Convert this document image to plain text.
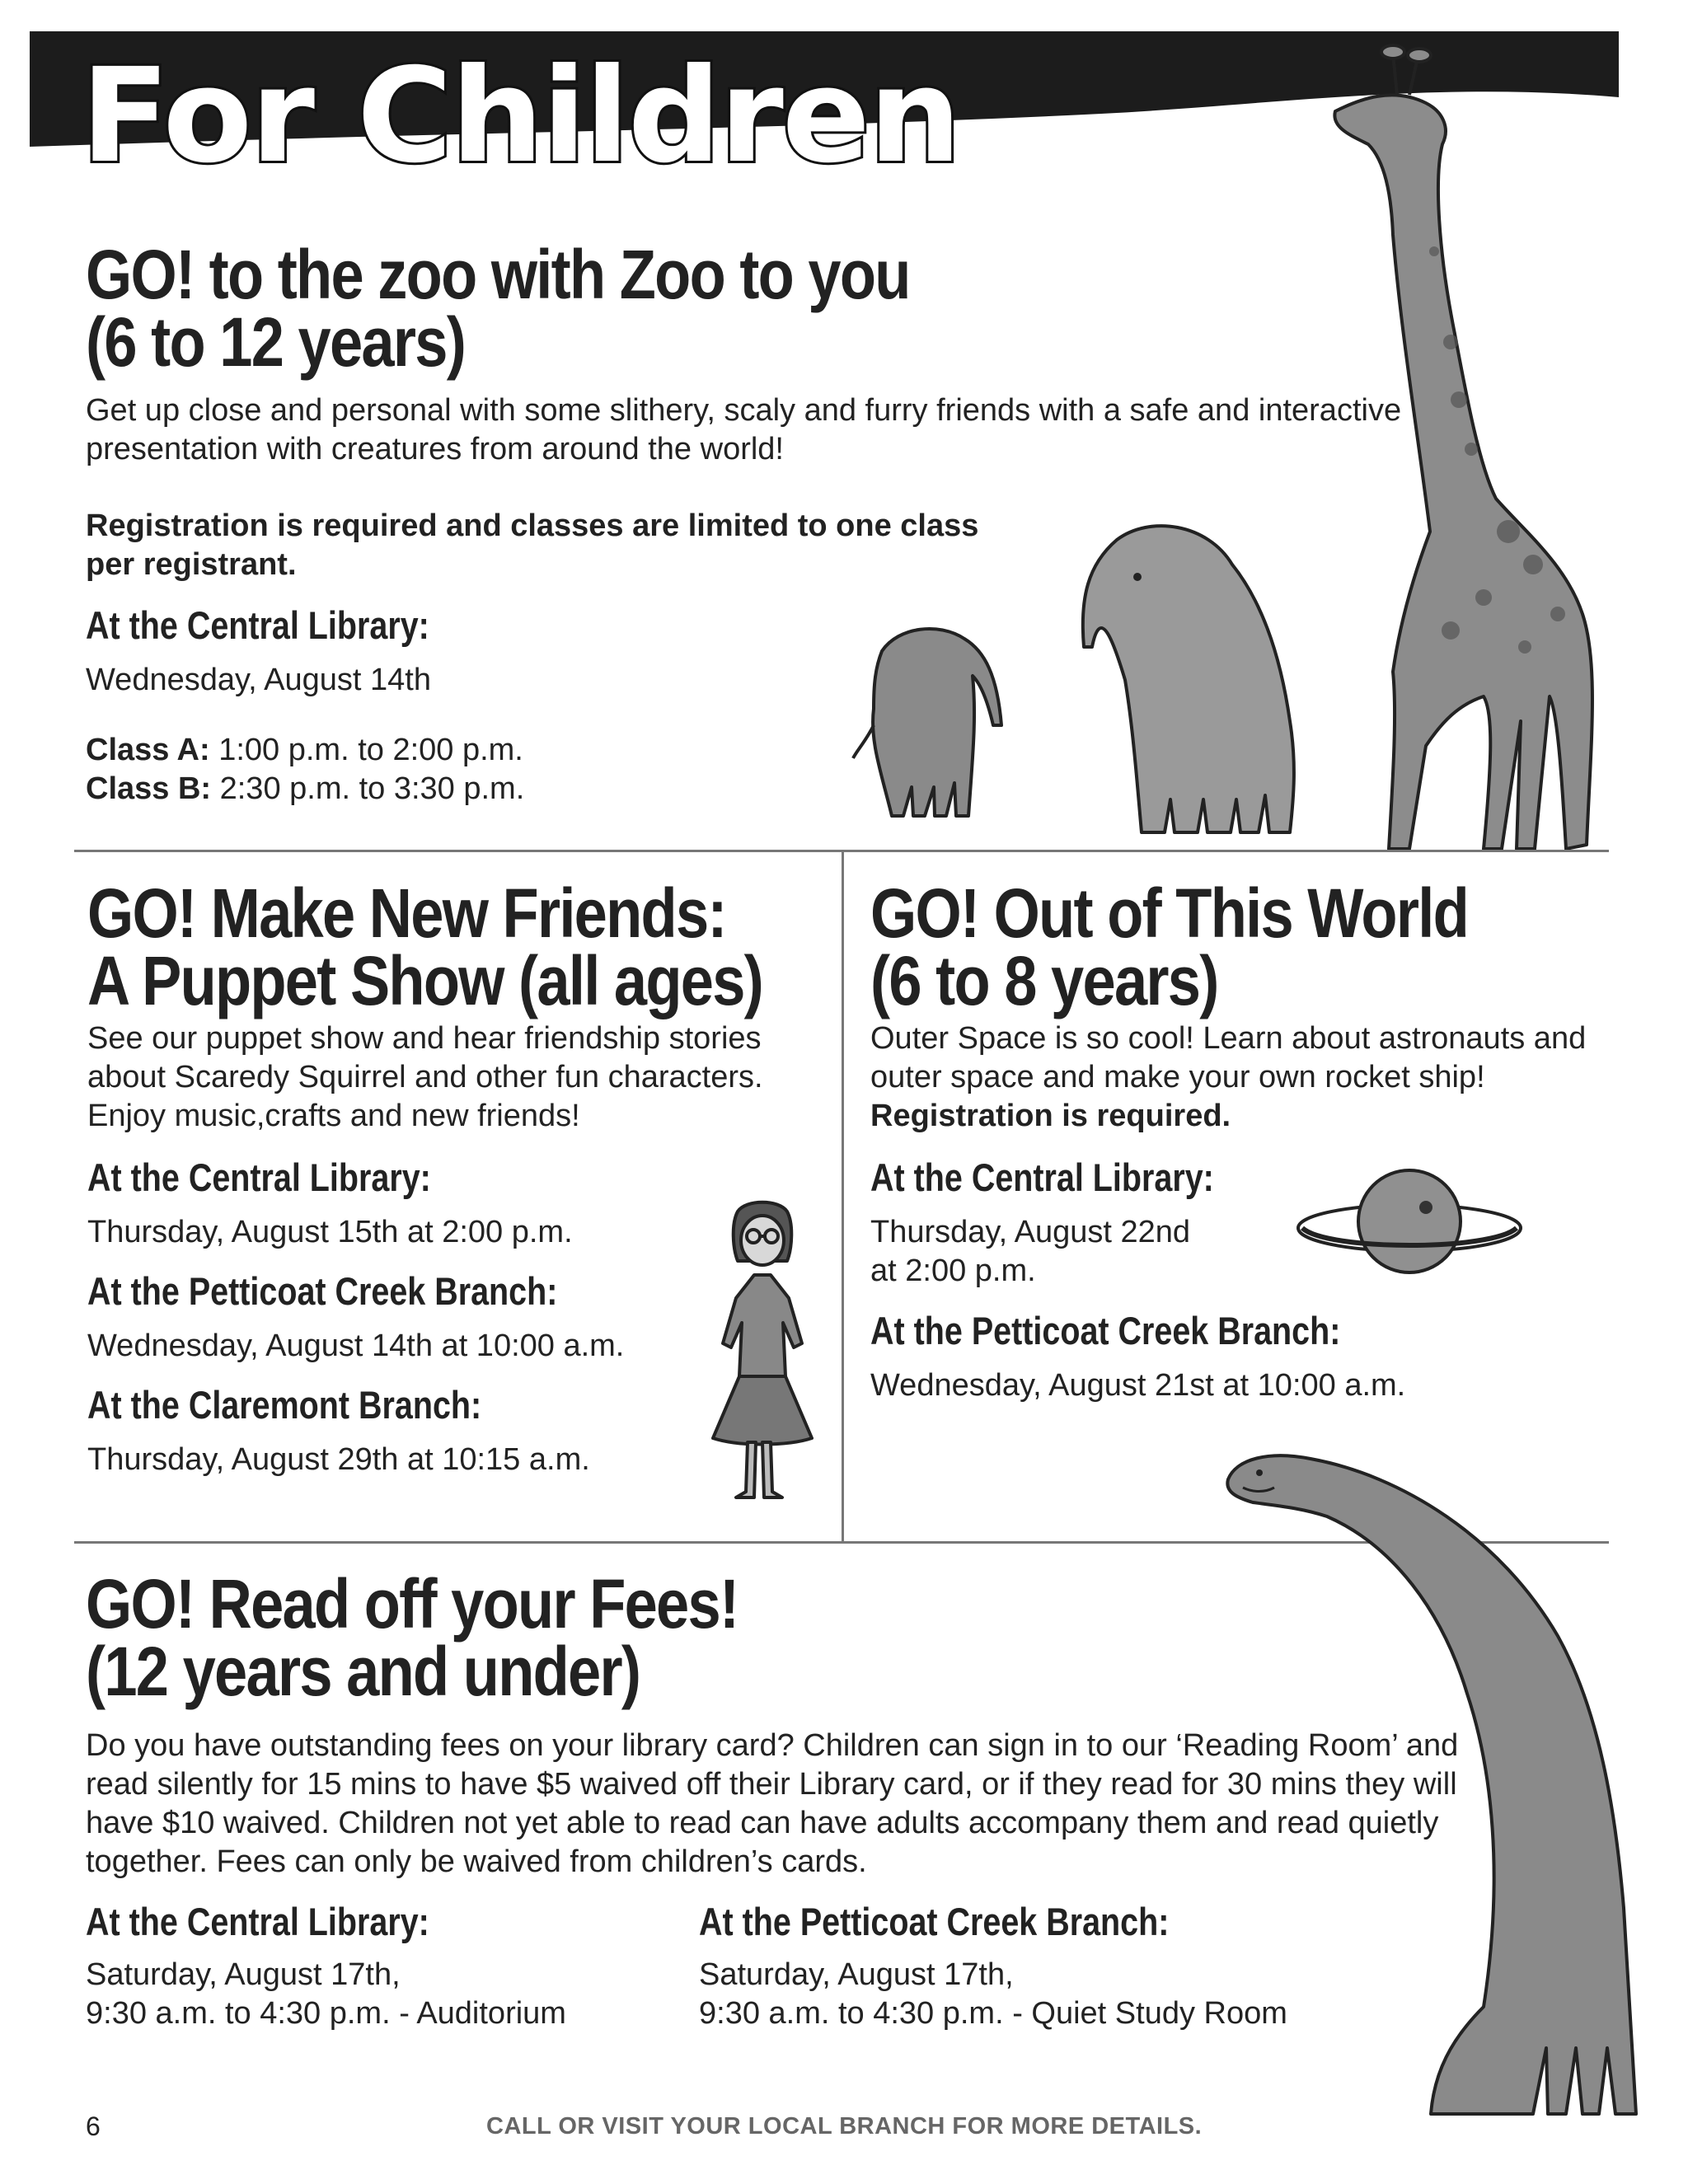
For Children
GO! to the zoo with Zoo to you
(6 to 12 years)

Get up close and personal with some slithery, scaly and furry friends with a safe and interactive presentation with creatures from around the world!

Registration is required and classes are limited to one class
per registrant.

At the Central Library:

Wednesday, August 14th

Class A: 1:00 p.m. to 2:00 p.m.
Class B: 2:30 p.m. to 3:30 p.m.
GO! Make New Friends:
A Puppet Show (all ages)

See our puppet show and hear friendship stories about Scaredy Squirrel and other fun characters. Enjoy music,crafts and new friends!

At the Central Library:

Thursday, August 15th at 2:00 p.m.

At the Petticoat Creek Branch:

Wednesday, August 14th at 10:00 a.m.

At the Claremont Branch:

Thursday, August 29th at 10:15 a.m.

GO! Out of This World
(6 to 8 years)

Outer Space is so cool! Learn about astronauts and outer space and make your own rocket ship! Registration is required.

At the Central Library:

Thursday, August 22nd
at 2:00 p.m.

At the Petticoat Creek Branch:

Wednesday, August 21st at 10:00 a.m.

GO! Read off your Fees!
(12 years and under)

Do you have outstanding fees on your library card? Children can sign in to our ‘Reading Room’ and read silently for 15 mins to have $5 waived off their Library card, or if they read for 30 mins they will have $10 waived. Children not yet able to read can have adults accompany them and read quietly together. Fees can only be waived from children’s cards.

At the Central Library:

Saturday, August 17th,
9:30 a.m. to 4:30 p.m. - Auditorium

At the Petticoat Creek Branch:

Saturday, August 17th,
9:30 a.m. to 4:30 p.m. - Quiet Study Room
6	CALL OR VISIT YOUR LOCAL BRANCH FOR MORE DETAILS.
